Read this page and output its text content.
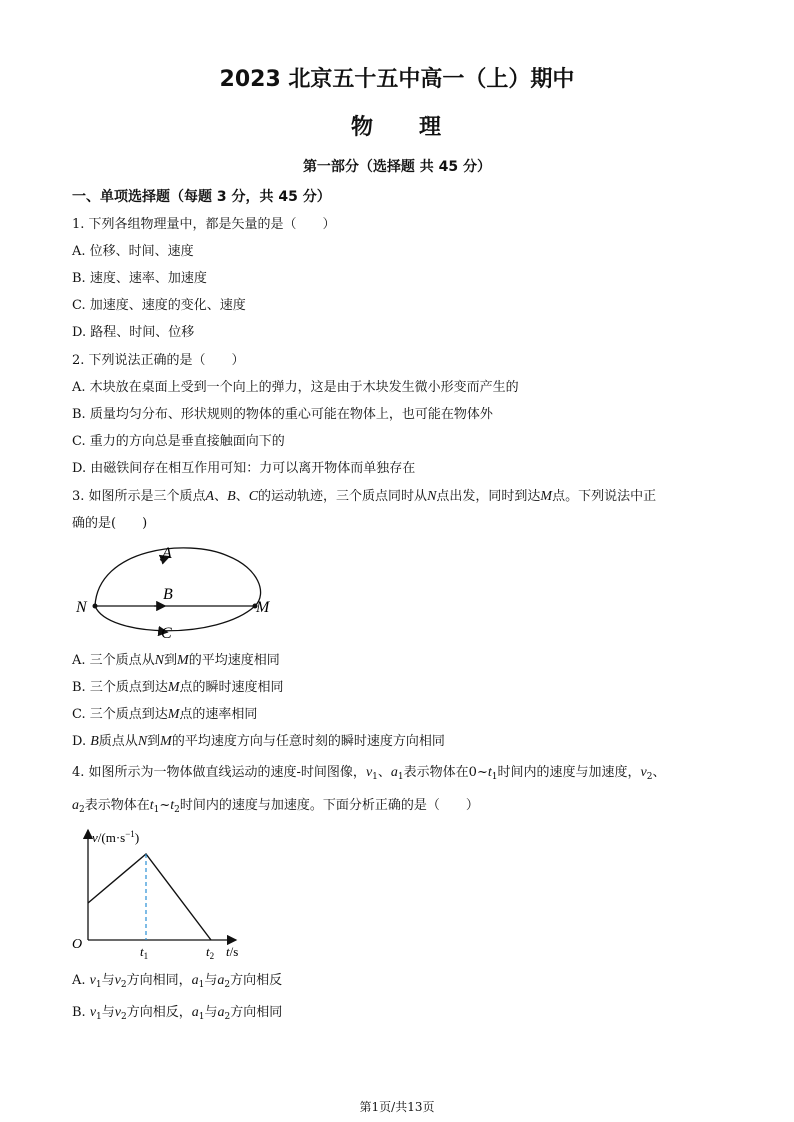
2023 北京五十五中高一（上）期中
物 理
第一部分（选择题 共 45 分）
一、单项选择题（每题 3 分，共 45 分）
1. 下列各组物理量中，都是矢量的是（　　）
A. 位移、时间、速度
B. 速度、速率、加速度
C. 加速度、速度的变化、速度
D. 路程、时间、位移
2. 下列说法正确的是（　　）
A. 木块放在桌面上受到一个向上的弹力，这是由于木块发生微小形变而产生的
B. 质量均匀分布、形状规则的物体的重心可能在物体上，也可能在物体外
C. 重力的方向总是垂直接触面向下的
D. 由磁铁间存在相互作用可知：力可以离开物体而单独存在
3. 如图所示是三个质点A、B、C的运动轨迹，三个质点同时从N点出发，同时到达M点。下列说法中正
确的是(　　)
A
B
C
N	M
A. 三个质点从N到M的平均速度相同
B. 三个质点到达M点的瞬时速度相同
C. 三个质点到达M点的速率相同
D. B质点从N到M的平均速度方向与任意时刻的瞬时速度方向相同
4. 如图所示为一物体做直线运动的速度-时间图像，$v_1$、$a_1$表示物体在$0\sim t_1$时间内的速度与加速度，$v_2$、
$a_2$表示物体在$t_1\sim t_2$时间内的速度与加速度。下面分析正确的是（　　）
$v/(m\cdot s^{-1})$
O	$t_1$	$t_2$ t/s
A. $v_1$与$v_2$方向相同，$a_1$与$a_2$方向相反
B. $v_1$与$v_2$方向相反，$a_1$与$a_2$方向相同
第1页/共13页
